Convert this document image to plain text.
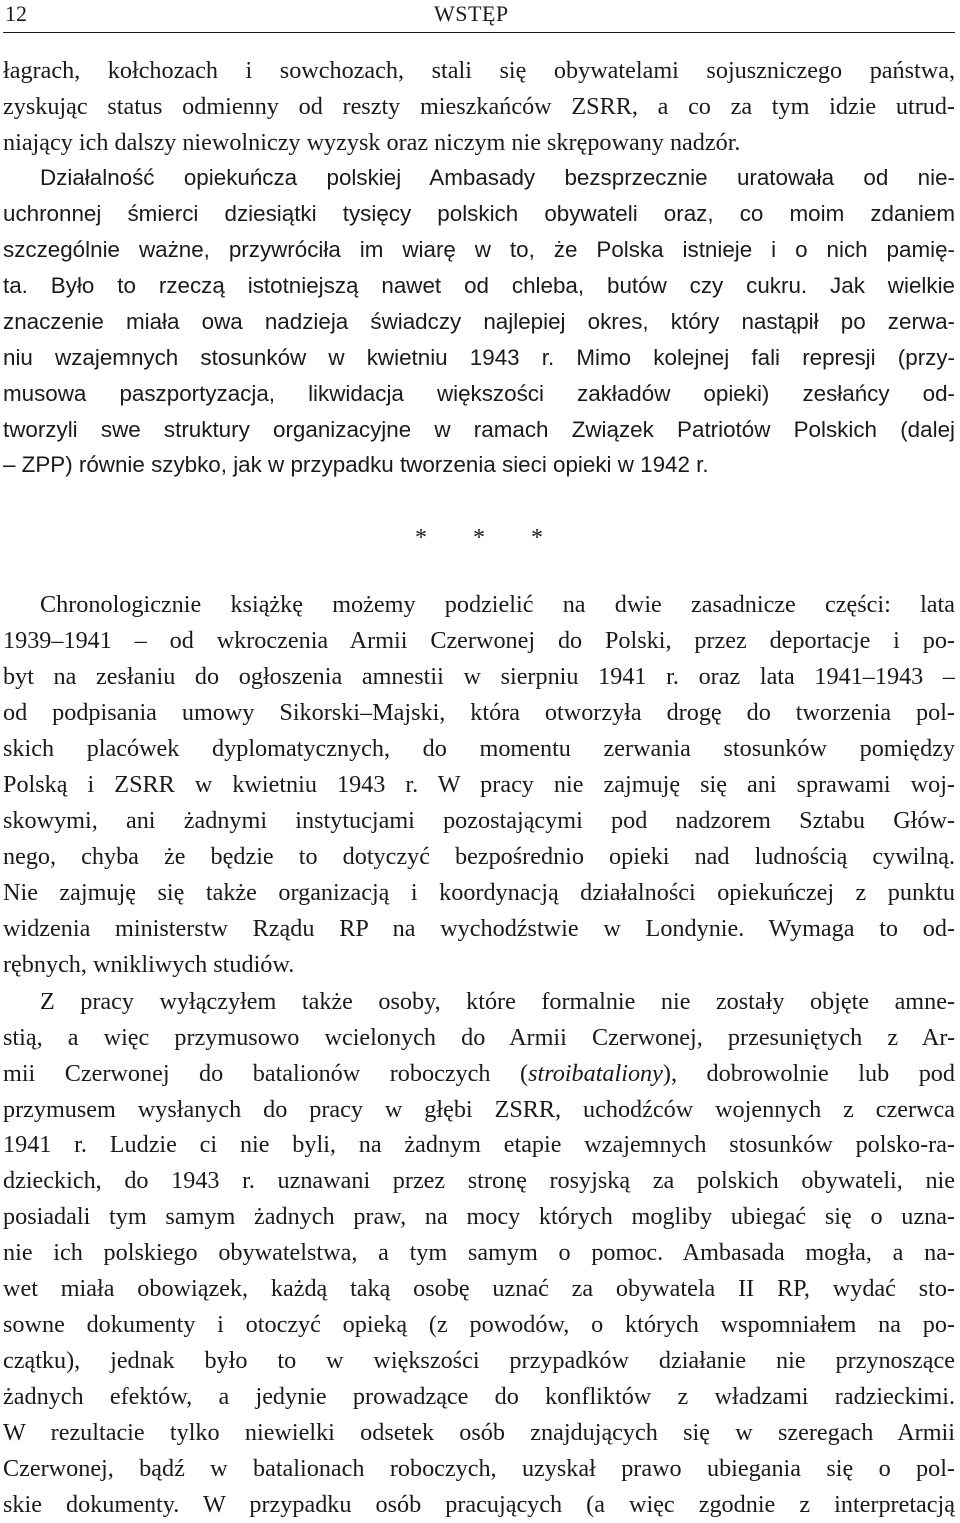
12	WSTĘP
łagrach, kołchozach i sowchozach, stali się obywatelami sojuszniczego państwa,
zyskując status odmienny od reszty mieszkańców ZSRR, a co za tym idzie utrud-
niający ich dalszy niewolniczy wyzysk oraz niczym nie skrępowany nadzór.
Działalność opiekuńcza polskiej Ambasady bezsprzecznie uratowała od nie-
uchronnej śmierci dziesiątki tysięcy polskich obywateli oraz, co moim zdaniem
szczególnie ważne, przywróciła im wiarę w to, że Polska istnieje i o nich pamię-
ta. Było to rzeczą istotniejszą nawet od chleba, butów czy cukru. Jak wielkie
znaczenie miała owa nadzieja świadczy najlepiej okres, który nastąpił po zerwa-
niu wzajemnych stosunków w kwietniu 1943 r. Mimo kolejnej fali represji (przy-
musowa paszportyzacja, likwidacja większości zakładów opieki) zesłańcy od-
tworzyli swe struktury organizacyjne w ramach Związek Patriotów Polskich (dalej
– ZPP) równie szybko, jak w przypadku tworzenia sieci opieki w 1942 r.
* * *
Chronologicznie książkę możemy podzielić na dwie zasadnicze części: lata
1939–1941 – od wkroczenia Armii Czerwonej do Polski, przez deportacje i po-
byt na zesłaniu do ogłoszenia amnestii w sierpniu 1941 r. oraz lata 1941–1943 –
od podpisania umowy Sikorski–Majski, która otworzyła drogę do tworzenia pol-
skich placówek dyplomatycznych, do momentu zerwania stosunków pomiędzy
Polską i ZSRR w kwietniu 1943 r. W pracy nie zajmuję się ani sprawami woj-
skowymi, ani żadnymi instytucjami pozostającymi pod nadzorem Sztabu Głów-
nego, chyba że będzie to dotyczyć bezpośrednio opieki nad ludnością cywilną.
Nie zajmuję się także organizacją i koordynacją działalności opiekuńczej z punktu
widzenia ministerstw Rządu RP na wychodźstwie w Londynie. Wymaga to od-
rębnych, wnikliwych studiów.
Z pracy wyłączyłem także osoby, które formalnie nie zostały objęte amne-
stią, a więc przymusowo wcielonych do Armii Czerwonej, przesuniętych z Ar-
mii Czerwonej do batalionów roboczych (stroibataliony), dobrowolnie lub pod
przymusem wysłanych do pracy w głębi ZSRR, uchodźców wojennych z czerwca
1941 r. Ludzie ci nie byli, na żadnym etapie wzajemnych stosunków polsko-ra-
dzieckich, do 1943 r. uznawani przez stronę rosyjską za polskich obywateli, nie
posiadali tym samym żadnych praw, na mocy których mogliby ubiegać się o uzna-
nie ich polskiego obywatelstwa, a tym samym o pomoc. Ambasada mogła, a na-
wet miała obowiązek, każdą taką osobę uznać za obywatela II RP, wydać sto-
sowne dokumenty i otoczyć opieką (z powodów, o których wspomniałem na po-
czątku), jednak było to w większości przypadków działanie nie przynoszące
żadnych efektów, a jedynie prowadzące do konfliktów z władzami radzieckimi.
W rezultacie tylko niewielki odsetek osób znajdujących się w szeregach Armii
Czerwonej, bądź w batalionach roboczych, uzyskał prawo ubiegania się o pol-
skie dokumenty. W przypadku osób pracujących (a więc zgodnie z interpretacją
